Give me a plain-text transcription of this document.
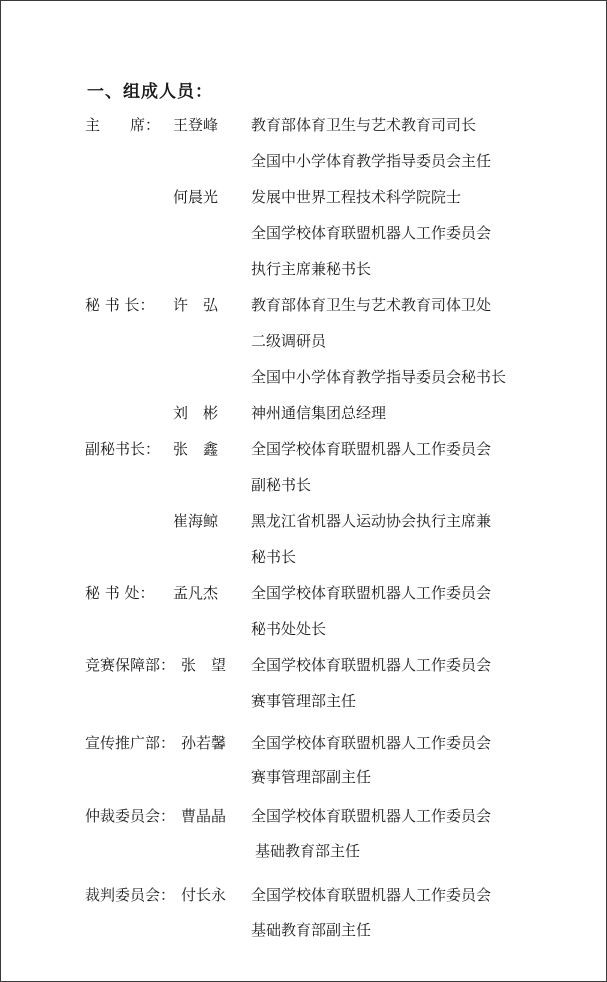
一、组成人员：
主　　席： 王登峰 教育部体育卫生与艺术教育司司长
全国中小学体育教学指导委员会主任
何晨光 发展中世界工程技术科学院院士
全国学校体育联盟机器人工作委员会
执行主席兼秘书长
秘 书 长： 许　弘 教育部体育卫生与艺术教育司体卫处
二级调研员
全国中小学体育教学指导委员会秘书长
刘　彬 神州通信集团总经理
副秘书长： 张　鑫 全国学校体育联盟机器人工作委员会
副秘书长
崔海鲸 黑龙江省机器人运动协会执行主席兼
秘书长
秘 书 处： 孟凡杰 全国学校体育联盟机器人工作委员会
秘书处处长
竞赛保障部： 张　望 全国学校体育联盟机器人工作委员会
赛事管理部主任
宣传推广部： 孙若馨 全国学校体育联盟机器人工作委员会
赛事管理部副主任
仲裁委员会： 曹晶晶 全国学校体育联盟机器人工作委员会
基础教育部主任
裁判委员会： 付长永 全国学校体育联盟机器人工作委员会
基础教育部副主任
